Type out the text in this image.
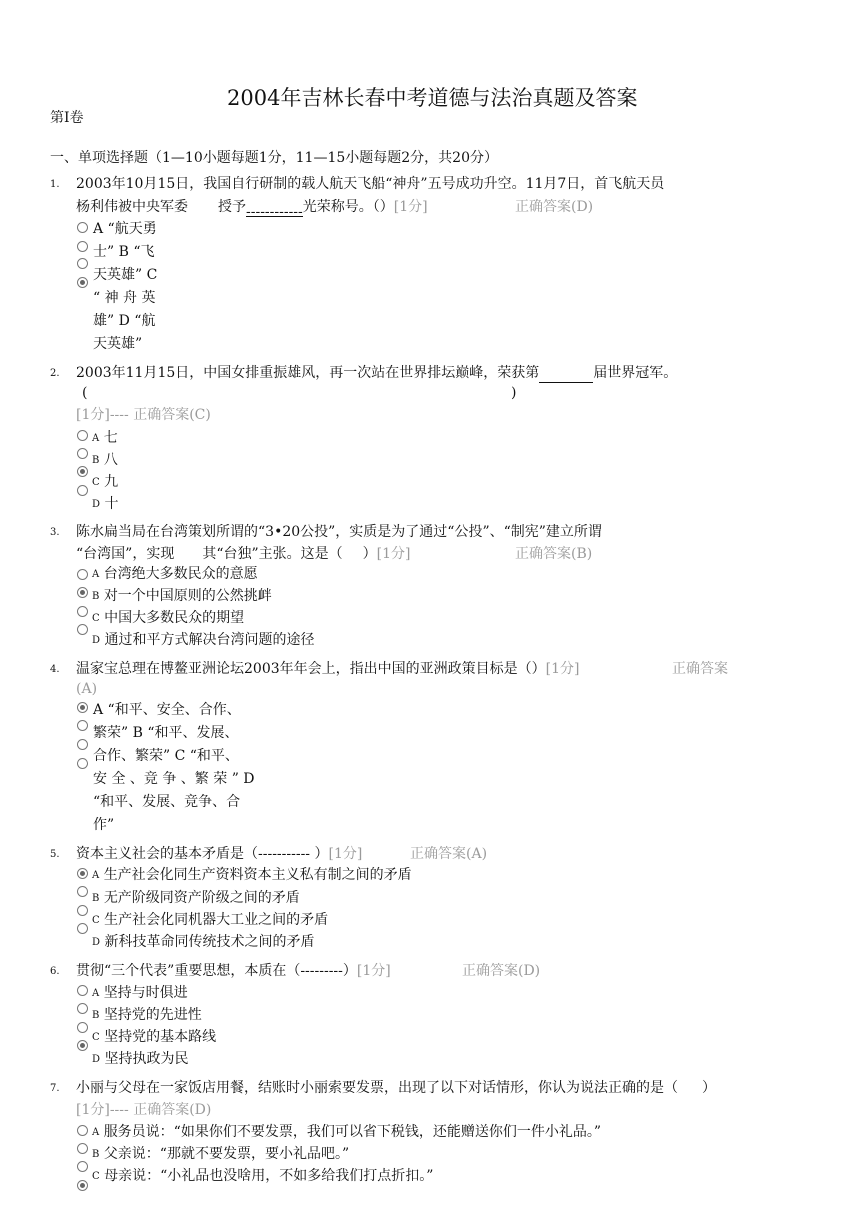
2004年吉林长春中考道德与法治真题及答案
第I卷
一、单项选择题（1—10小题每题1分，11—15小题每题2分，共20分）
1. 2003年10月15日，我国自行研制的载人航天飞船“神舟”五号成功升空。11月7日，首飞航天员
杨利伟被中央军委 授予------------光荣称号。（）[1分]	正确答案(D)
A “航天勇
士” B “飞
天英雄” C
“ 神 舟 英
雄” D “航
天英雄”
2. 2003年11月15日，中国女排重振雄风，再一次站在世界排坛巅峰，荣获第	届世界冠军。
(	)
[1分]---- 正确答案(C)
A 七
B 八
C 九
D 十
3. 陈水扁当局在台湾策划所谓的“3•20公投”，实质是为了通过“公投”、“制宪”建立所谓
“台湾国”，实现 其“台独”主张。这是（ ）[1分]	正确答案(B)
A 台湾绝大多数民众的意愿
B 对一个中国原则的公然挑衅
C 中国大多数民众的期望
D 通过和平方式解决台湾问题的途径
4. 温家宝总理在博鳌亚洲论坛2003年年会上，指出中国的亚洲政策目标是（）[1分]	正确答案
(A)
A “和平、安全、合作、
繁荣” B “和平、发展、
合作、繁荣” C “和平、
安 全 、竞 争 、繁 荣 ” D
“和平、发展、竞争、合
作”
5. 资本主义社会的基本矛盾是（----------- ）[1分]	正确答案(A)
A 生产社会化同生产资料资本主义私有制之间的矛盾
B 无产阶级同资产阶级之间的矛盾
C 生产社会化同机器大工业之间的矛盾
D 新科技革命同传统技术之间的矛盾
6. 贯彻“三个代表”重要思想，本质在（---------）[1分]	正确答案(D)
A 坚持与时俱进
B 坚持党的先进性
C 坚持党的基本路线
D 坚持执政为民
7. 小丽与父母在一家饭店用餐，结账时小丽索要发票，出现了以下对话情形，你认为说法正确的是（ ）
[1分]---- 正确答案(D)
A 服务员说：“如果你们不要发票，我们可以省下税钱，还能赠送你们一件小礼品。”
B 父亲说：“那就不要发票，要小礼品吧。”
C 母亲说：“小礼品也没啥用，不如多给我们打点折扣。”
